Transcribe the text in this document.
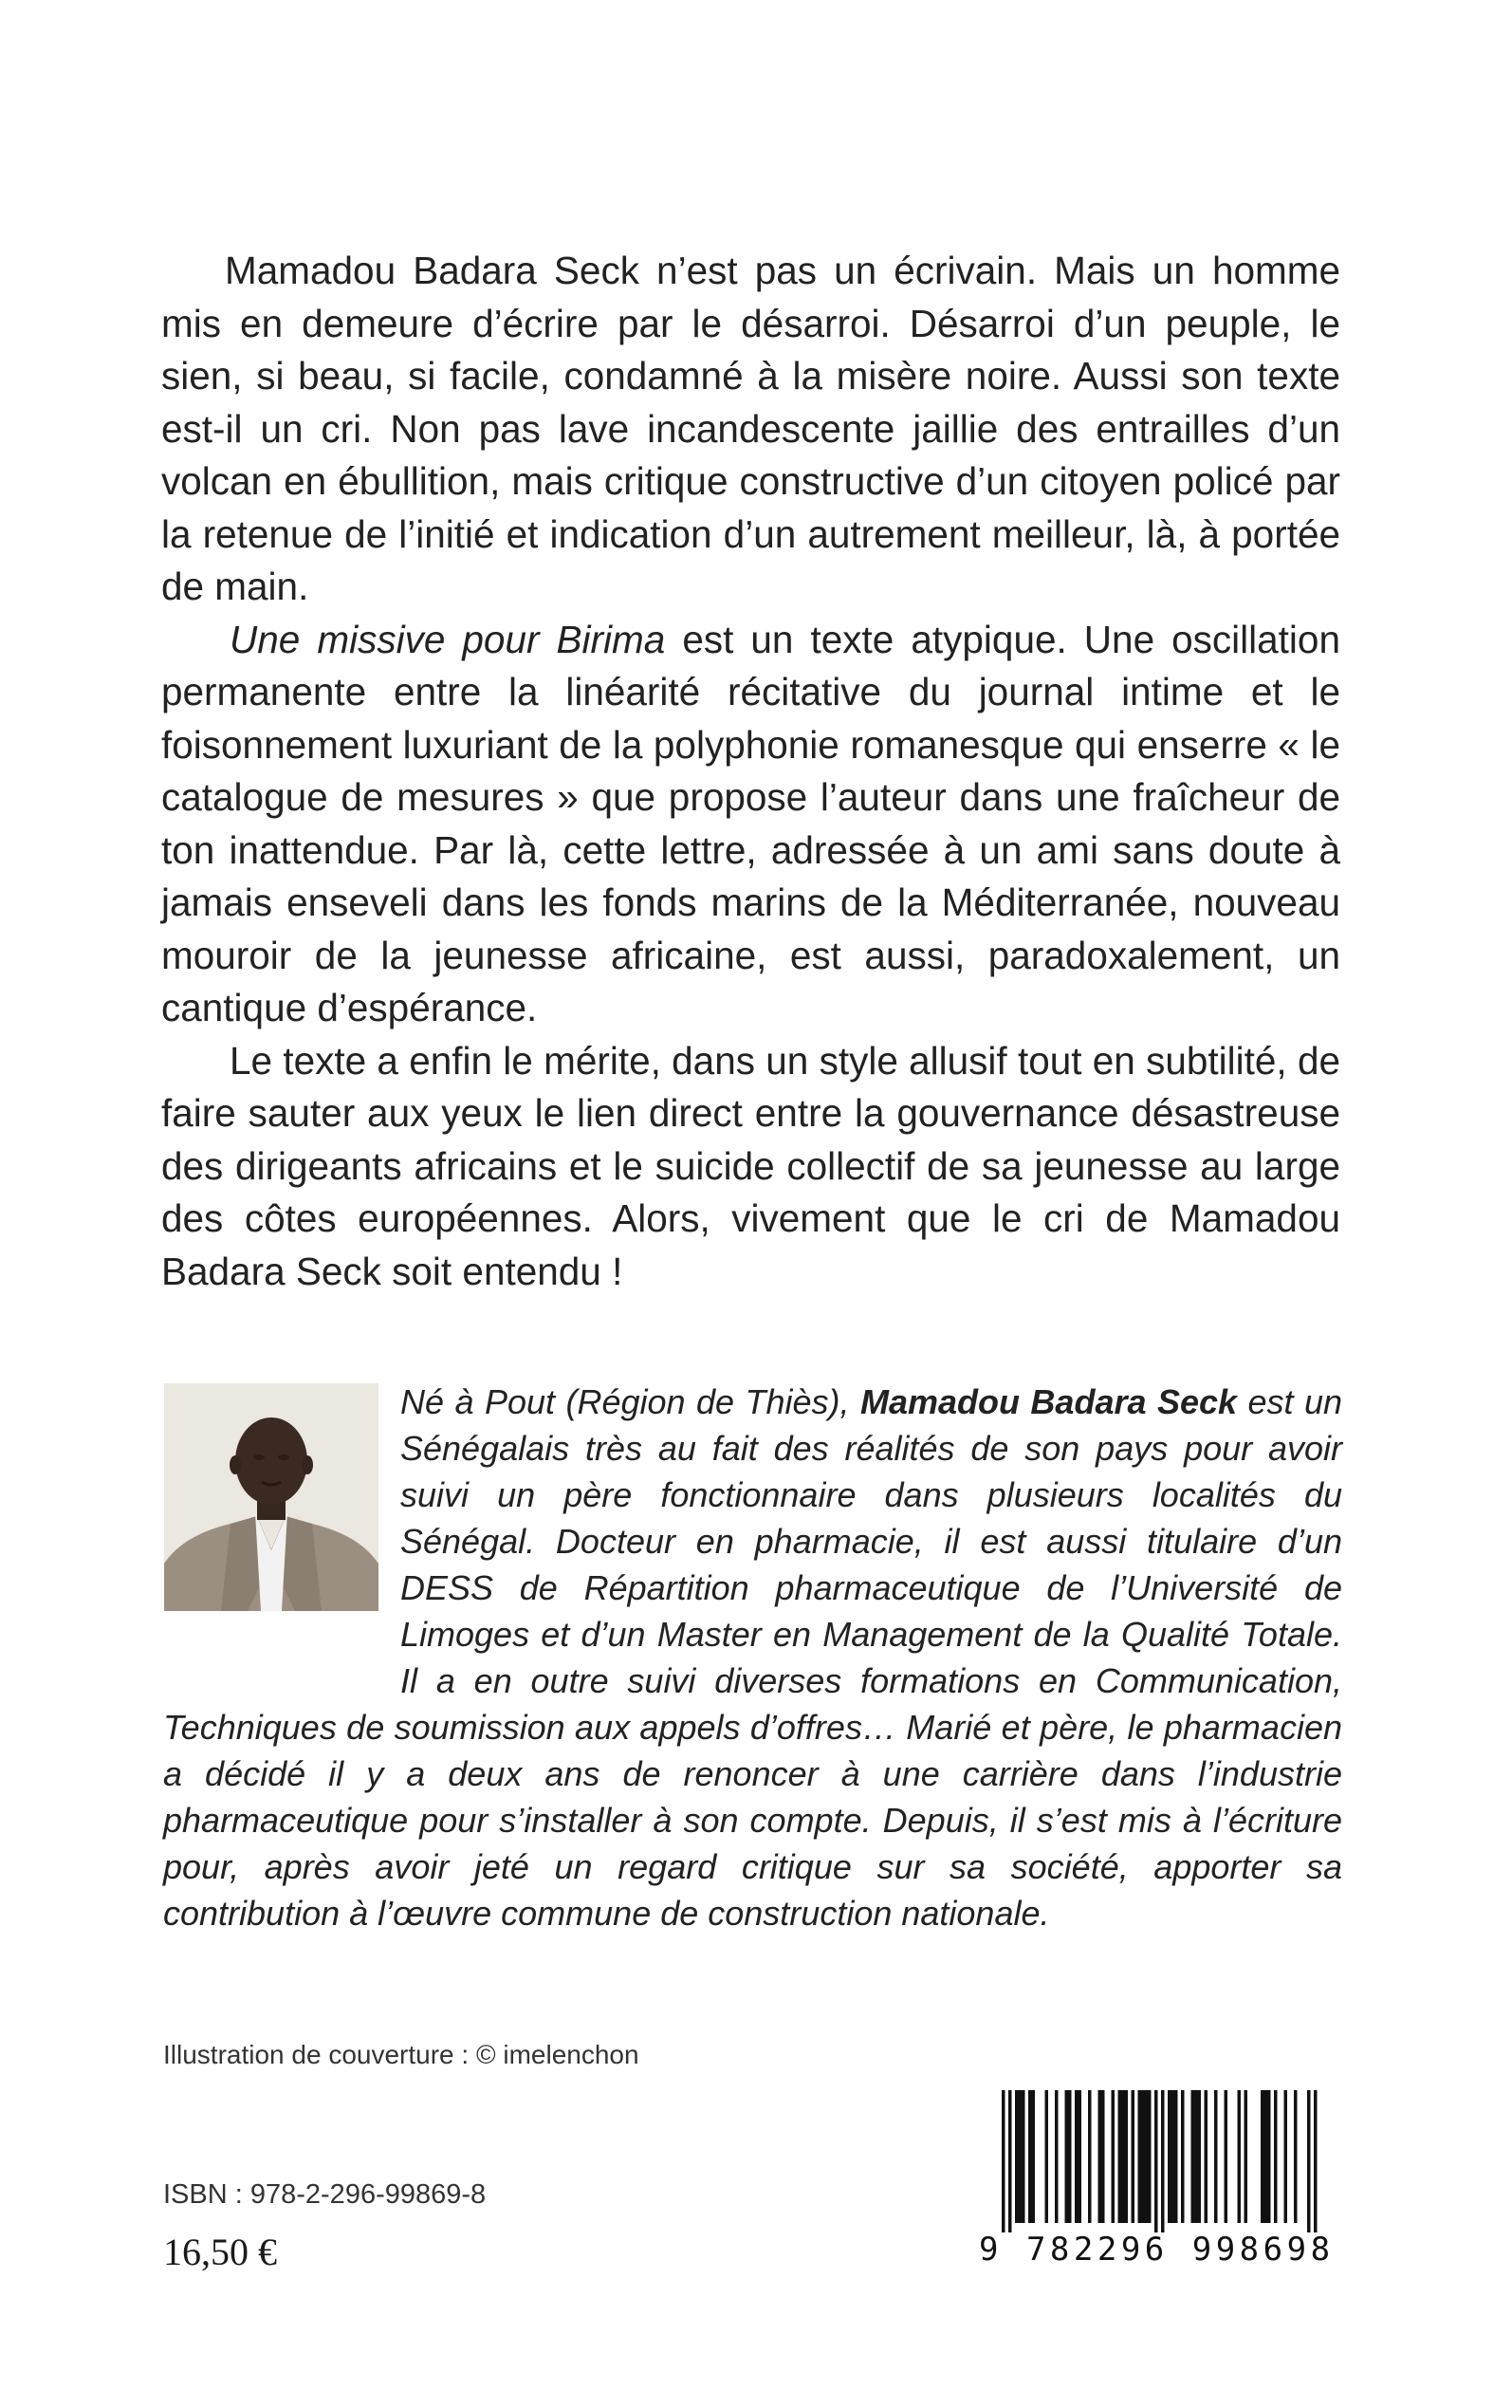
Mamadou Badara Seck n’est pas un écrivain. Mais un homme mis en demeure d’écrire par le désarroi. Désarroi d’un peuple, le sien, si beau, si facile, condamné à la misère noire. Aussi son texte est-il un cri. Non pas lave incandescente jaillie des entrailles d’un volcan en ébullition, mais critique constructive d’un citoyen policé par la retenue de l’initié et indication d’un autrement meilleur, là, à portée de main.

Une missive pour Birima est un texte atypique. Une oscillation permanente entre la linéarité récitative du journal intime et le foisonnement luxuriant de la polyphonie romanesque qui enserre « le catalogue de mesures » que propose l’auteur dans une fraîcheur de ton inattendue. Par là, cette lettre, adressée à un ami sans doute à jamais enseveli dans les fonds marins de la Méditerranée, nouveau mouroir de la jeunesse africaine, est aussi, paradoxalement, un cantique d’espérance.

Le texte a enfin le mérite, dans un style allusif tout en subtilité, de faire sauter aux yeux le lien direct entre la gouvernance désastreuse des dirigeants africains et le suicide collectif de sa jeunesse au large des côtes européennes. Alors, vivement que le cri de Mamadou Badara Seck soit entendu !

Né à Pout (Région de Thiès), Mamadou Badara Seck est un Sénégalais très au fait des réalités de son pays pour avoir suivi un père fonctionnaire dans plusieurs localités du Sénégal. Docteur en pharmacie, il est aussi titulaire d’un DESS de Répartition pharmaceutique de l’Université de Limoges et d’un Master en Management de la Qualité Totale. Il a en outre suivi diverses formations en Communication, Techniques de soumission aux appels d’offres… Marié et père, le pharmacien a décidé il y a deux ans de renoncer à une carrière dans l’industrie pharmaceutique pour s’installer à son compte. Depuis, il s’est mis à l’écriture pour, après avoir jeté un regard critique sur sa société, apporter sa contribution à l’œuvre commune de construction nationale.
Illustration de couverture : © imelenchon
ISBN : 978-2-296-99869-8
16,50 €	9 782296 998698
